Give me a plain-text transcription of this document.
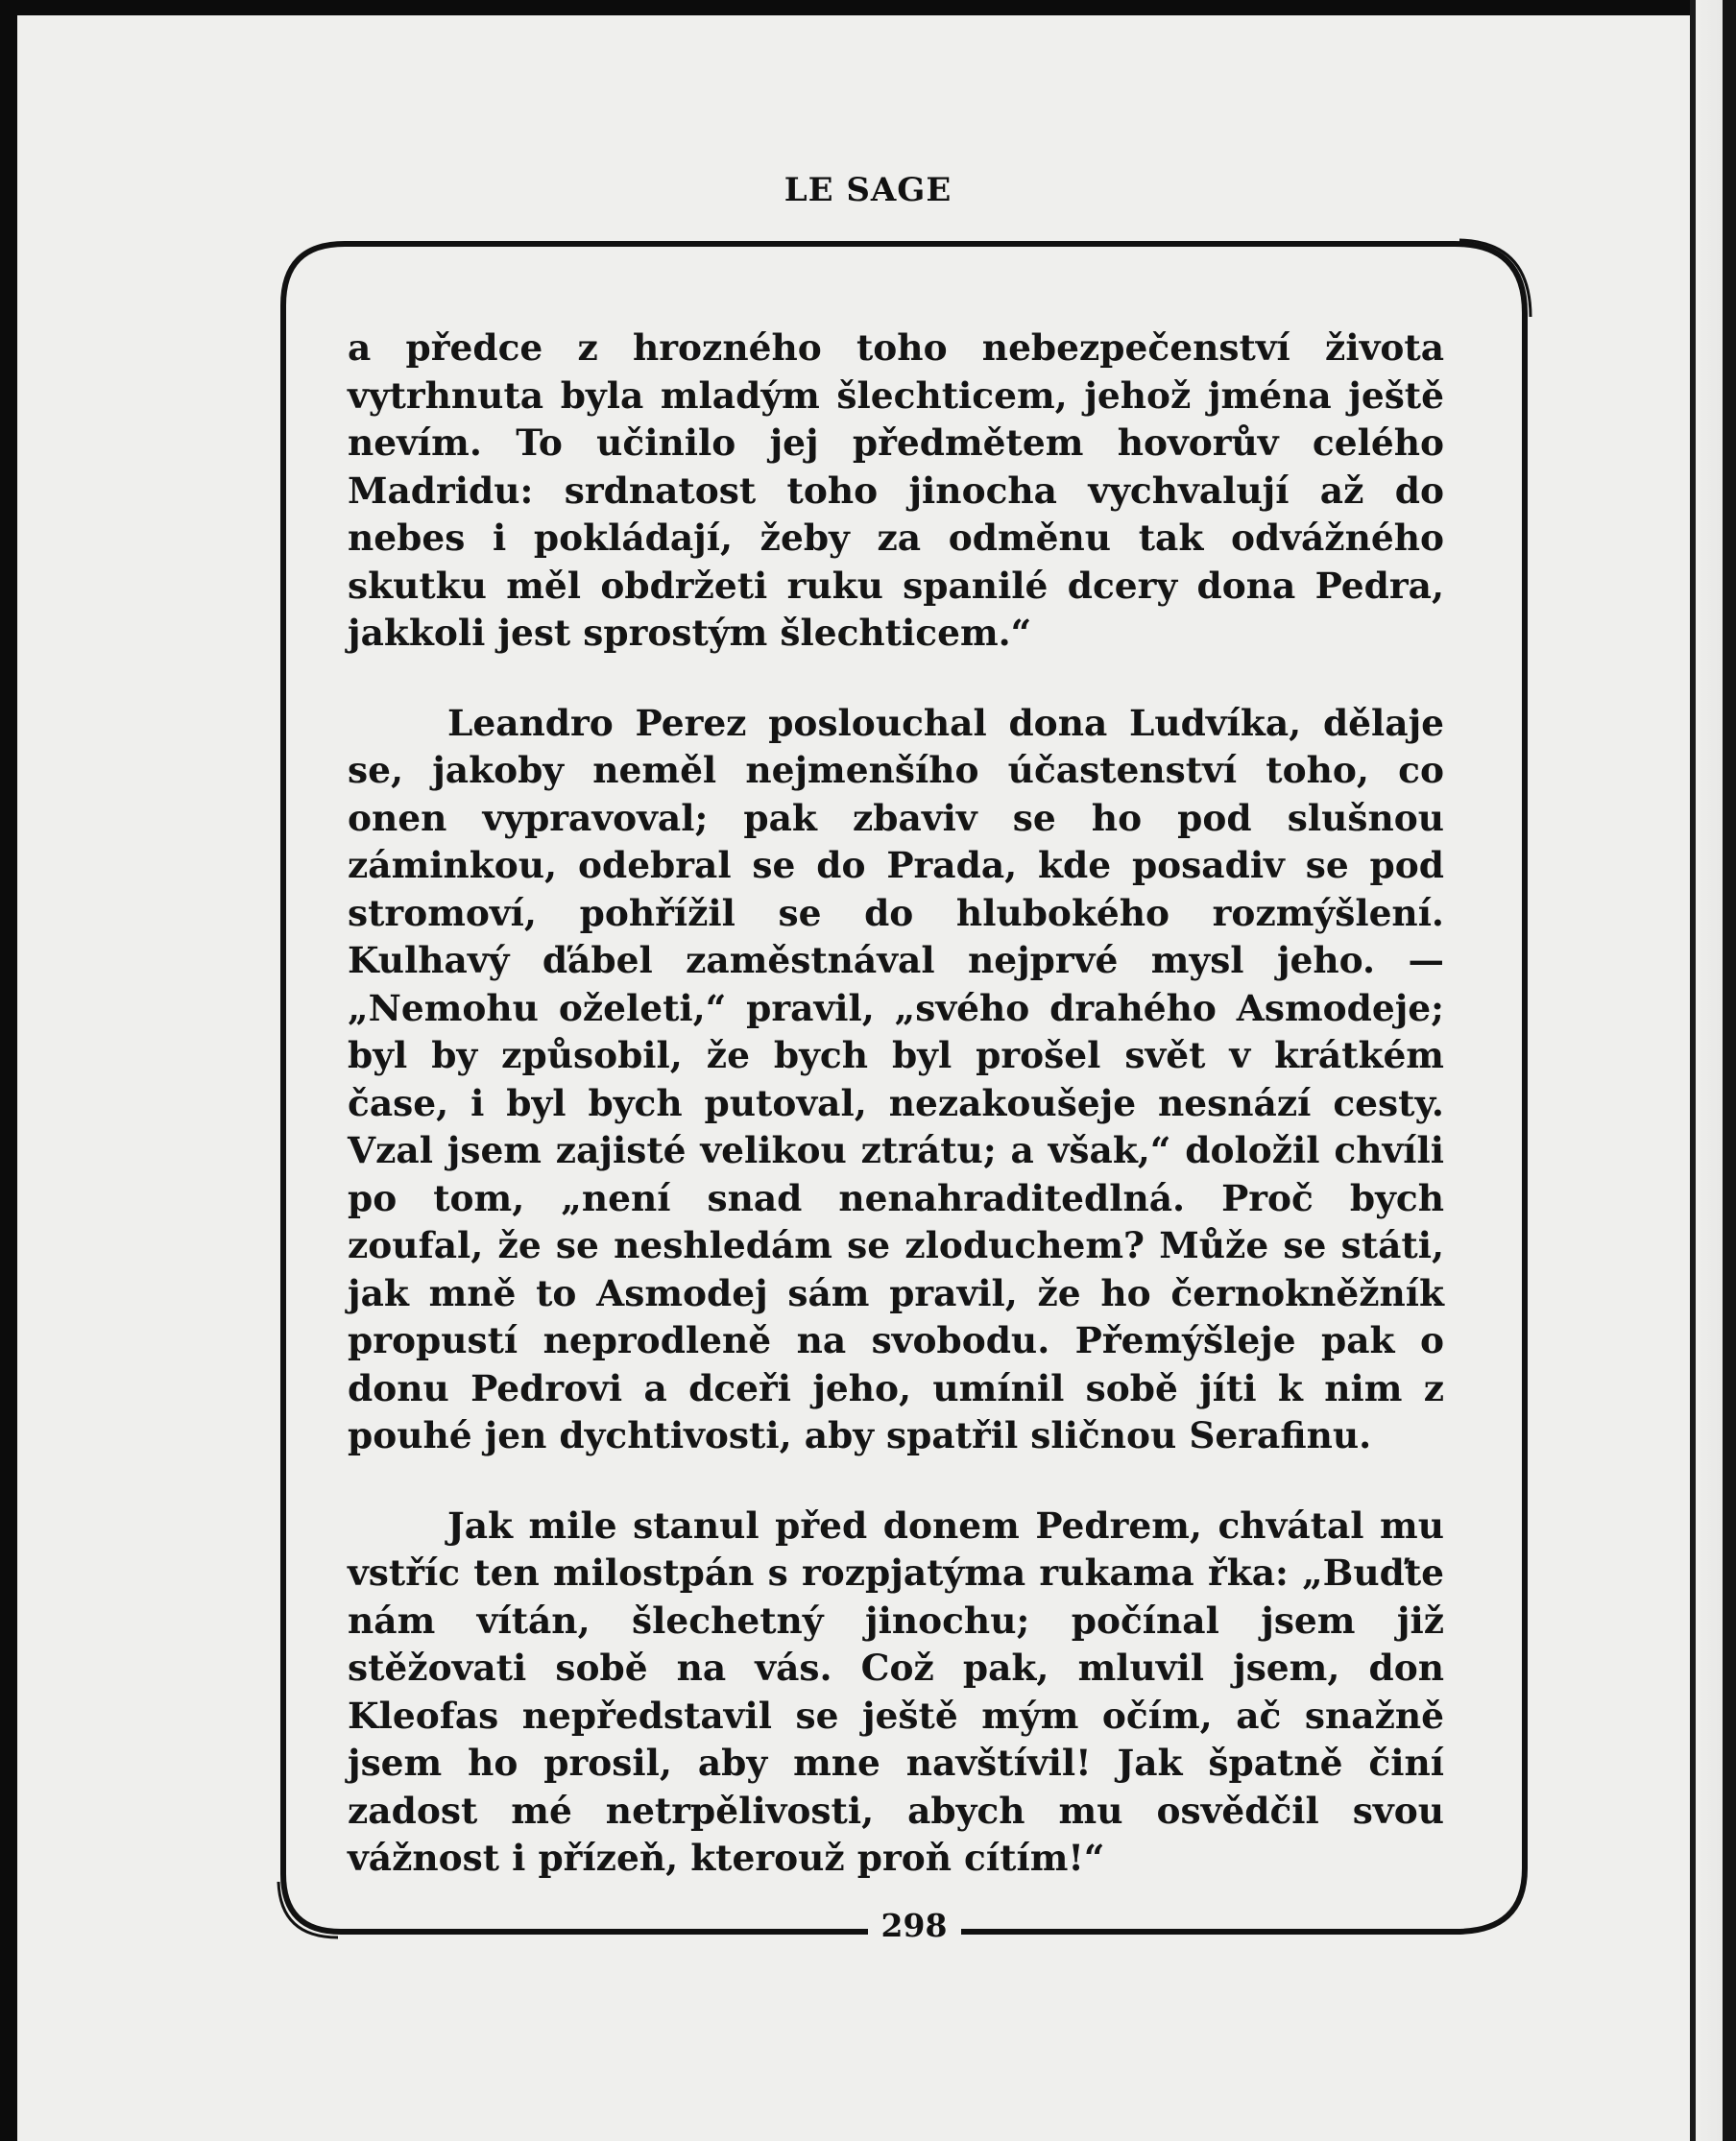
LE SAGE

a předce z hrozného toho nebezpečenství života vytrhnuta byla mladým šlechticem, jehož jména ještě nevím. To učinilo jej předmětem hovorův celého Madridu: srdnatost toho jinocha vychvalují až do nebes i pokládají, žeby za odměnu tak odvážného skutku měl obdržeti ruku spanilé dcery dona Pedra, jakkoli jest sprostým šlechticem.“

Leandro Perez poslouchal dona Ludvíka, dělaje se, jakoby neměl nejmenšího účastenství toho, co onen vypravoval; pak zbaviv se ho pod slušnou záminkou, odebral se do Prada, kde posadiv se pod stromoví, pohřížil se do hlubokého rozmýšlení. Kulhavý ďábel zaměstnával nejprvé mysl jeho. — „Nemohu oželeti,“ pravil, „svého drahého Asmodeje; byl by způsobil, že bych byl prošel svět v krátkém čase, i byl bych putoval, nezakoušeje nesnází cesty. Vzal jsem zajisté velikou ztrátu; a však,“ doložil chvíli po tom, „není snad nenahraditedlná. Proč bych zoufal, že se neshledám se zloduchem? Může se státi, jak mně to Asmodej sám pravil, že ho černokněžník propustí neprodleně na svobodu. Přemýšleje pak o donu Pedrovi a dceři jeho, umínil sobě jíti k nim z pouhé jen dychtivosti, aby spatřil sličnou Serafinu.

Jak mile stanul před donem Pedrem, chvátal mu vstříc ten milostpán s rozpjatýma rukama řka: „Buďte nám vítán, šlechetný jinochu; počínal jsem již stěžovati sobě na vás. Což pak, mluvil jsem, don Kleofas nepředstavil se ještě mým očím, ač snažně jsem ho prosil, aby mne navštívil! Jak špatně činí zadost mé netrpělivosti, abych mu osvědčil svou vážnost i přízeň, kterouž proň cítím!“

298
